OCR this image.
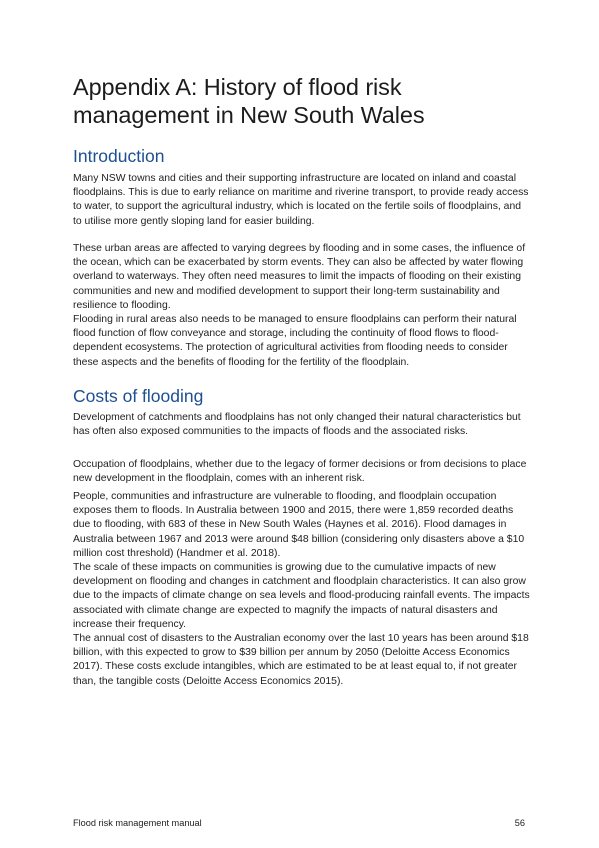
Appendix A: History of flood risk management in New South Wales
Introduction

Many NSW towns and cities and their supporting infrastructure are located on inland and coastal floodplains. This is due to early reliance on maritime and riverine transport, to provide ready access to water, to support the agricultural industry, which is located on the fertile soils of floodplains, and to utilise more gently sloping land for easier building.

These urban areas are affected to varying degrees by flooding and in some cases, the influence of the ocean, which can be exacerbated by storm events. They can also be affected by water flowing overland to waterways. They often need measures to limit the impacts of flooding on their existing communities and new and modified development to support their long-term sustainability and resilience to flooding.

Flooding in rural areas also needs to be managed to ensure floodplains can perform their natural flood function of flow conveyance and storage, including the continuity of flood flows to flood-dependent ecosystems. The protection of agricultural activities from flooding needs to consider these aspects and the benefits of flooding for the fertility of the floodplain.

Costs of flooding

Development of catchments and floodplains has not only changed their natural characteristics but has often also exposed communities to the impacts of floods and the associated risks.

Occupation of floodplains, whether due to the legacy of former decisions or from decisions to place new development in the floodplain, comes with an inherent risk.

People, communities and infrastructure are vulnerable to flooding, and floodplain occupation exposes them to floods. In Australia between 1900 and 2015, there were 1,859 recorded deaths due to flooding, with 683 of these in New South Wales (Haynes et al. 2016). Flood damages in Australia between 1967 and 2013 were around $48 billion (considering only disasters above a $10 million cost threshold) (Handmer et al. 2018).

The scale of these impacts on communities is growing due to the cumulative impacts of new development on flooding and changes in catchment and floodplain characteristics. It can also grow due to the impacts of climate change on sea levels and flood-producing rainfall events. The impacts associated with climate change are expected to magnify the impacts of natural disasters and increase their frequency.

The annual cost of disasters to the Australian economy over the last 10 years has been around $18 billion, with this expected to grow to $39 billion per annum by 2050 (Deloitte Access Economics 2017). These costs exclude intangibles, which are estimated to be at least equal to, if not greater than, the tangible costs (Deloitte Access Economics 2015).

Flood risk management manual	56
